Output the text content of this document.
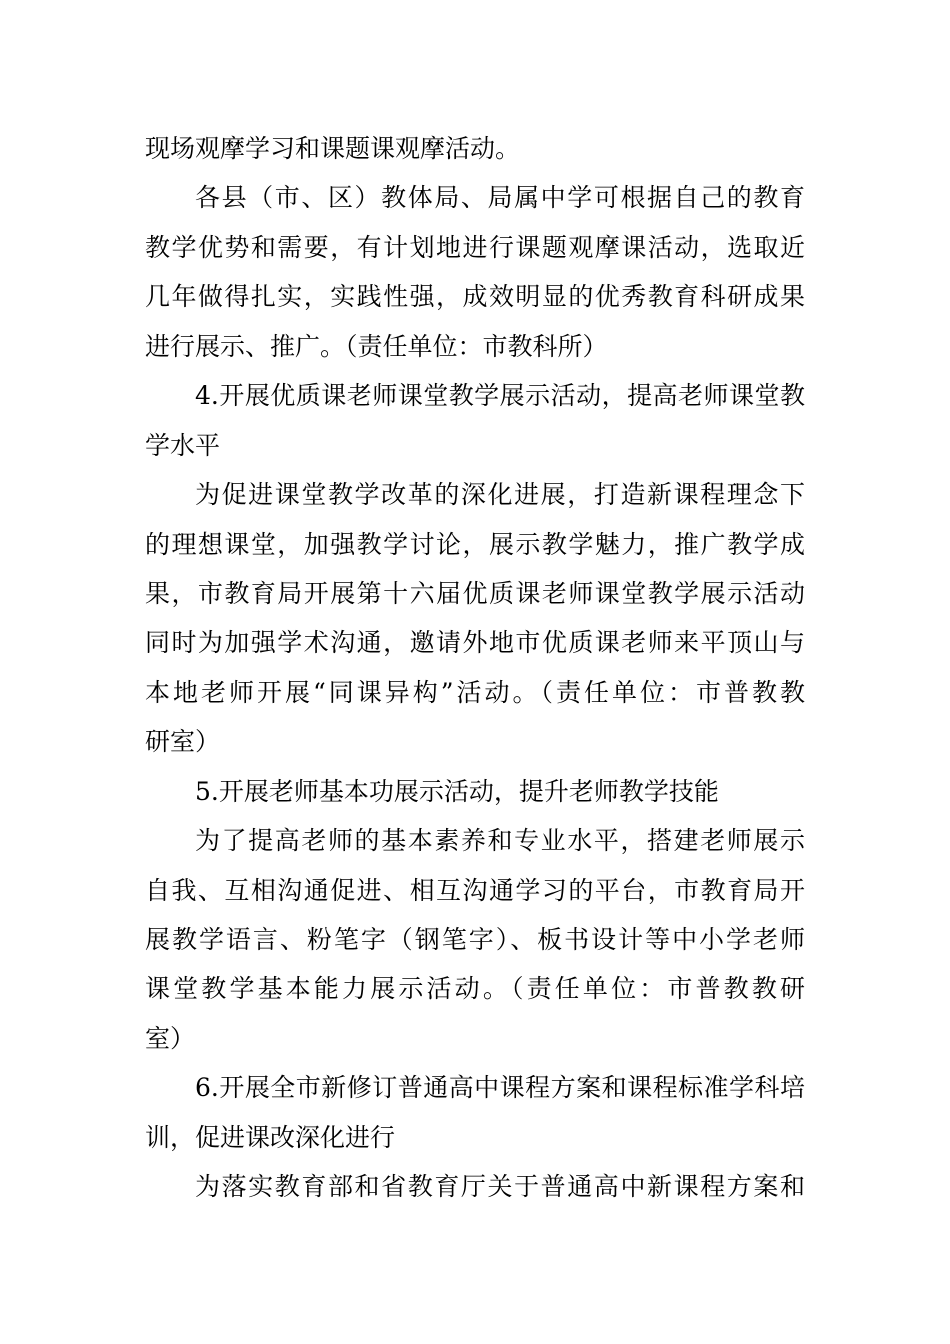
现场观摩学习和课题课观摩活动。
各县（市、区）教体局、局属中学可根据自己的教育
教学优势和需要，有计划地进行课题观摩课活动，选取近
几年做得扎实，实践性强，成效明显的优秀教育科研成果
进行展示、推广。（责任单位：市教科所）
4.开展优质课老师课堂教学展示活动，提高老师课堂教
学水平
为促进课堂教学改革的深化进展，打造新课程理念下
的理想课堂，加强教学讨论，展示教学魅力，推广教学成
果，市教育局开展第十六届优质课老师课堂教学展示活动
同时为加强学术沟通，邀请外地市优质课老师来平顶山与
本地老师开展“同课异构”活动。（责任单位：市普教教
研室）
5.开展老师基本功展示活动，提升老师教学技能
为了提高老师的基本素养和专业水平，搭建老师展示
自我、互相沟通促进、相互沟通学习的平台，市教育局开
展教学语言、粉笔字（钢笔字）、板书设计等中小学老师
课堂教学基本能力展示活动。（责任单位：市普教教研
室）
6.开展全市新修订普通高中课程方案和课程标准学科培
训，促进课改深化进行
为落实教育部和省教育厅关于普通高中新课程方案和
